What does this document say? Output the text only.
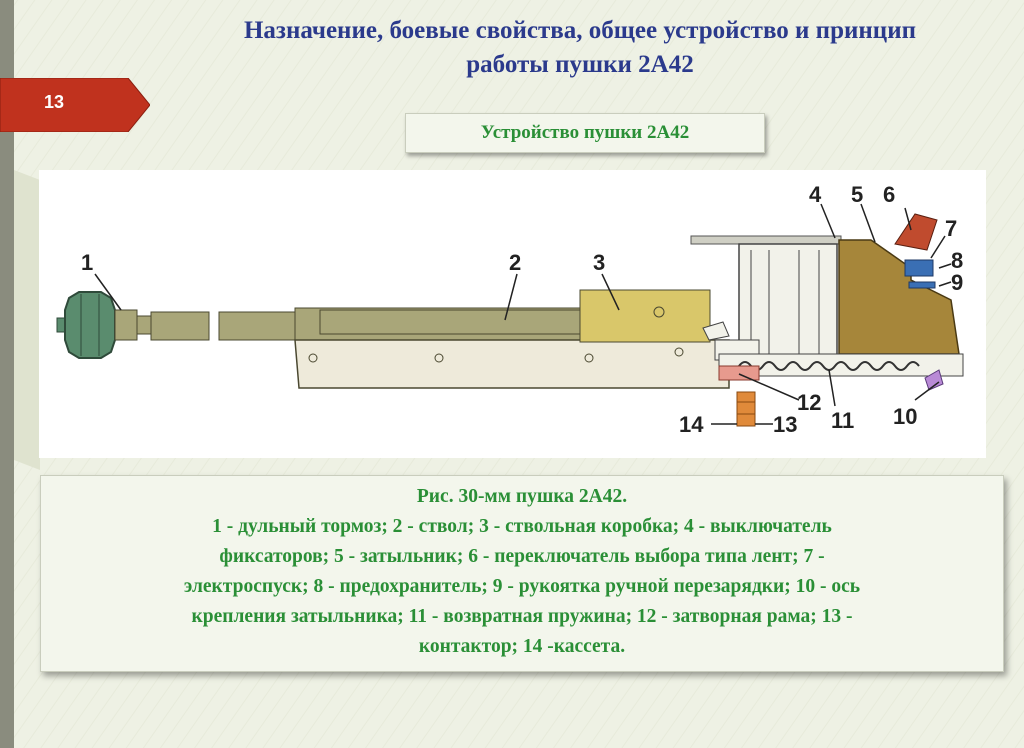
Назначение, боевые свойства, общее устройство и принцип
работы пушки 2А42
13
Устройство пушки 2А42
1	2	3
4 5 6
7
8
9
10
11
12
13
14
Рис. 30-мм пушка 2А42.
1 - дульный тормоз; 2 - ствол; 3 - ствольная коробка; 4 - выключатель
фиксаторов; 5 - затыльник; 6 - переключатель выбора типа лент; 7 -
электроспуск; 8 - предохранитель; 9 - рукоятка ручной перезарядки; 10 - ось
крепления затыльника; 11 - возвратная пружина; 12 - затворная рама; 13 -
контактор; 14 -кассета.
